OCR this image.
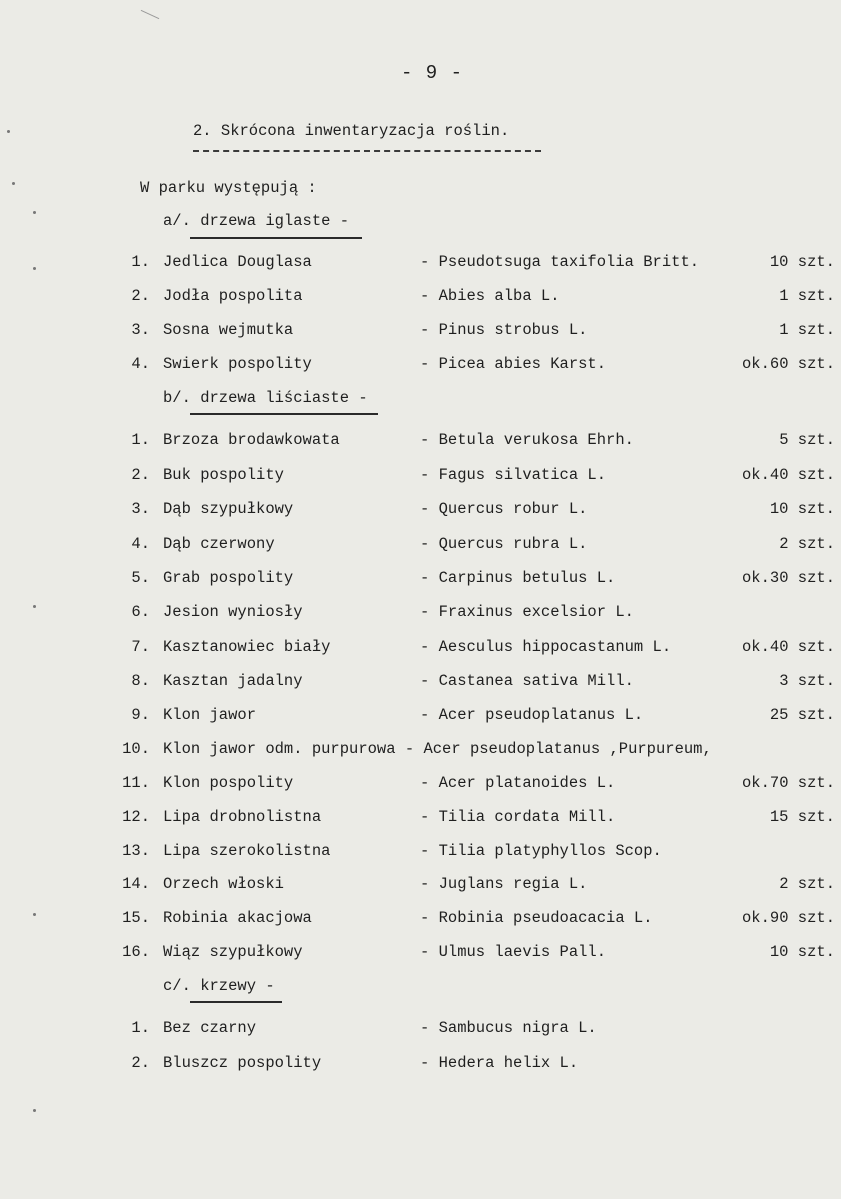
- 9 -
2. Skrócona inwentaryzacja roślin.
W parku występują :
a/. drzewa iglaste -
1. Jedlica Douglasa	- Pseudotsuga taxifolia Britt.	10 szt.
2. Jodła pospolita	- Abies alba L.	1 szt.
3. Sosna wejmutka	- Pinus strobus L.	1 szt.
4. Swierk pospolity	- Picea abies Karst.	ok.60 szt.
b/. drzewa liściaste -
1. Brzoza brodawkowata	- Betula verukosa Ehrh.	5 szt.
2. Buk pospolity	- Fagus silvatica L.	ok.40 szt.
3. Dąb szypułkowy	- Quercus robur L.	10 szt.
4. Dąb czerwony	- Quercus rubra L.	2 szt.
5. Grab pospolity	- Carpinus betulus L.	ok.30 szt.
6. Jesion wyniosły	- Fraxinus excelsior L.
7. Kasztanowiec biały	- Aesculus hippocastanum L.	ok.40 szt.
8. Kasztan jadalny	- Castanea sativa Mill.	3 szt.
9. Klon jawor	- Acer pseudoplatanus L.	25 szt.
10. Klon jawor odm. purpurowa - Acer pseudoplatanus ,Purpureum,
11. Klon pospolity	- Acer platanoides L.	ok.70 szt.
12. Lipa drobnolistna	- Tilia cordata Mill.	15 szt.
13. Lipa szerokolistna	- Tilia platyphyllos Scop.
14. Orzech włoski	- Juglans regia L.	2 szt.
15. Robinia akacjowa	- Robinia pseudoacacia L.	ok.90 szt.
16. Wiąz szypułkowy	- Ulmus laevis Pall.	10 szt.
c/. krzewy -
1. Bez czarny	- Sambucus nigra L.
2. Bluszcz pospolity	- Hedera helix L.
